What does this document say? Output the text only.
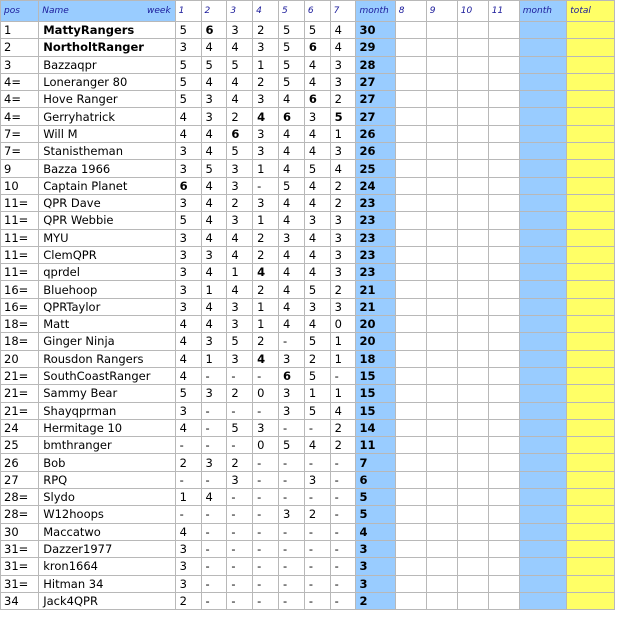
pos	Name week	1	2	3	4	5	6	7	month	8	9	10	11	month	total
1	MattyRangers	5	6	3	2	5	5	4	30						
2	NortholtRanger	3	4	4	3	5	6	4	29						
3	Bazzaqpr	5	5	5	1	5	4	3	28						
4=	Loneranger 80	5	4	4	2	5	4	3	27						
4=	Hove Ranger	5	3	4	3	4	6	2	27						
4=	Gerryhatrick	4	3	2	4	6	3	5	27						
7=	Will M	4	4	6	3	4	4	1	26						
7=	Stanistheman	3	4	5	3	4	4	3	26						
9	Bazza 1966	3	5	3	1	4	5	4	25						
10	Captain Planet	6	4	3	-	5	4	2	24						
11=	QPR Dave	3	4	2	3	4	4	2	23						
11=	QPR Webbie	5	4	3	1	4	3	3	23						
11=	MYU	3	4	4	2	3	4	3	23						
11=	ClemQPR	3	3	4	2	4	4	3	23						
11=	qprdel	3	4	1	4	4	4	3	23						
16=	Bluehoop	3	1	4	2	4	5	2	21						
16=	QPRTaylor	3	4	3	1	4	3	3	21						
18=	Matt	4	4	3	1	4	4	0	20						
18=	Ginger Ninja	4	3	5	2	-	5	1	20						
20	Rousdon Rangers	4	1	3	4	3	2	1	18						
21=	SouthCoastRanger	4	-	-	-	6	5	-	15						
21=	Sammy Bear	5	3	2	0	3	1	1	15						
21=	Shayqprman	3	-	-	-	3	5	4	15						
24	Hermitage 10	4	-	5	3	-	-	2	14						
25	bmthranger	-	-	-	0	5	4	2	11						
26	Bob	2	3	2	-	-	-	-	7						
27	RPQ	-	-	3	-	-	3	-	6						
28=	Slydo	1	4	-	-	-	-	-	5						
28=	W12hoops	-	-	-	-	3	2	-	5						
30	Maccatwo	4	-	-	-	-	-	-	4						
31=	Dazzer1977	3	-	-	-	-	-	-	3						
31=	kron1664	3	-	-	-	-	-	-	3						
31=	Hitman 34	3	-	-	-	-	-	-	3						
34	Jack4QPR	2	-	-	-	-	-	-	2						
